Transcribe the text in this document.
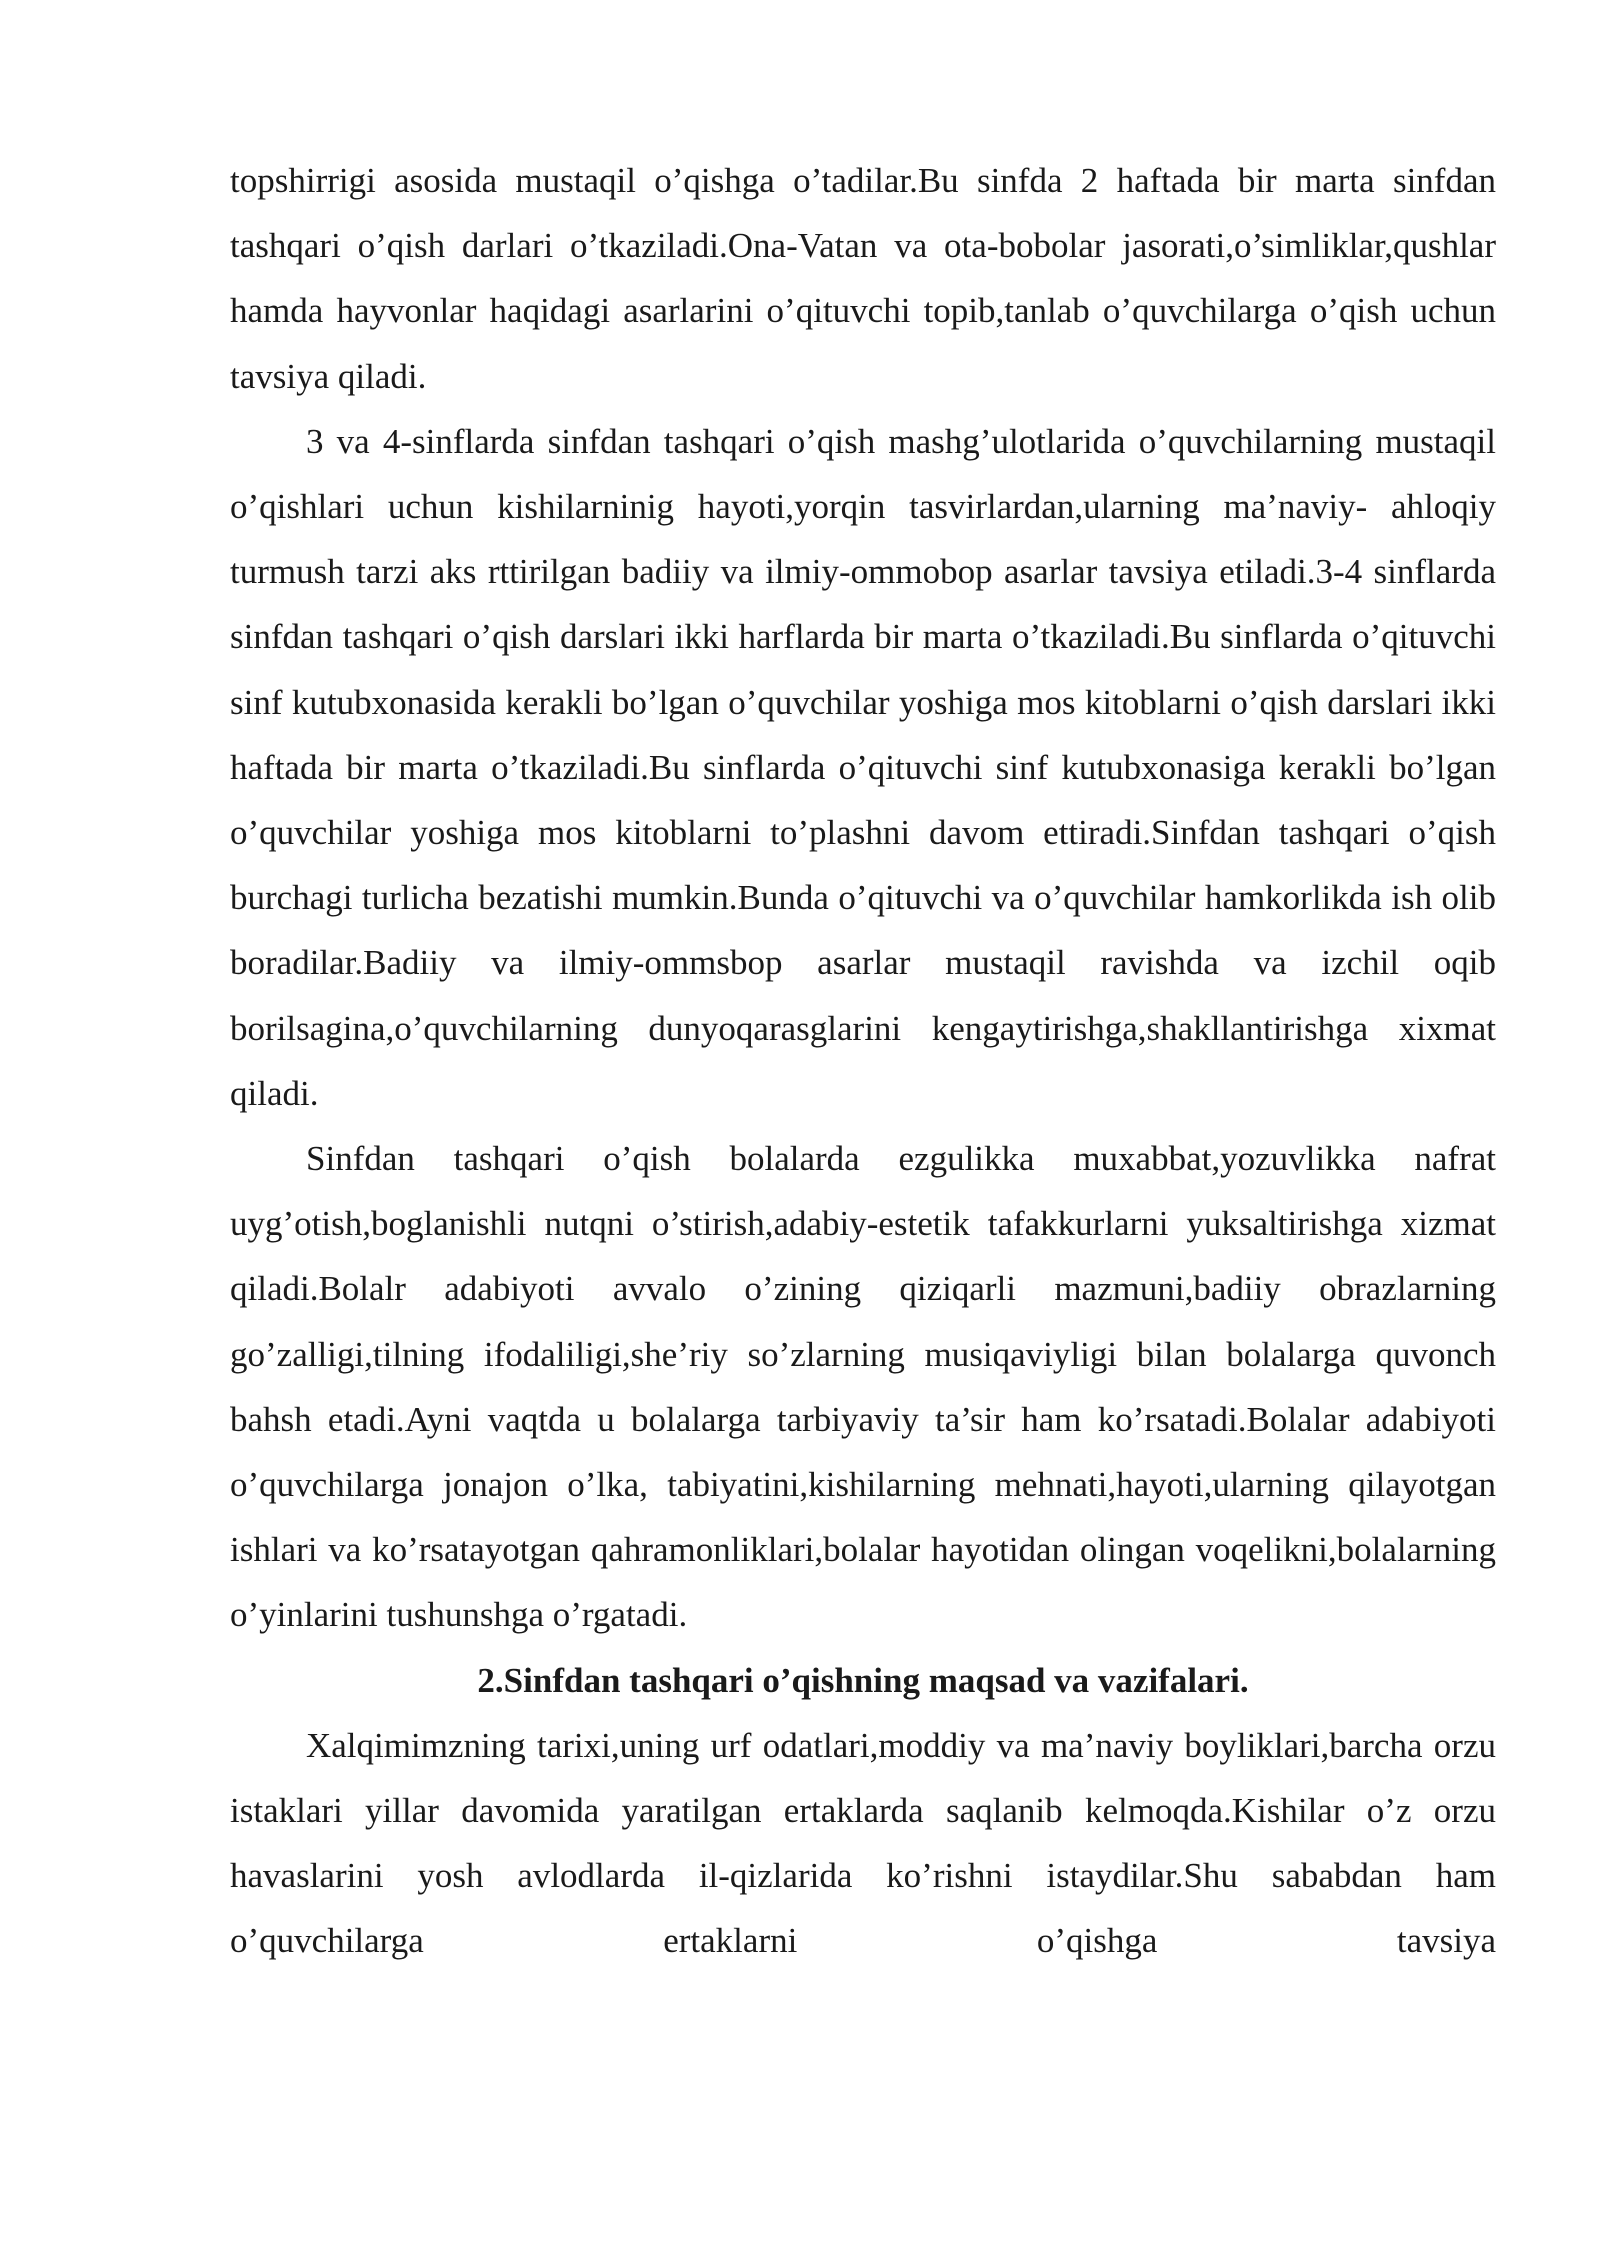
topshirrigi asosida mustaqil o’qishga o’tadilar.Bu sinfda 2 haftada bir marta sinfdan tashqari o’qish darlari o’tkaziladi.Ona-Vatan va ota-bobolar jasorati,o’simliklar,qushlar hamda hayvonlar haqidagi asarlarini o’qituvchi topib,tanlab o’quvchilarga o’qish uchun tavsiya qiladi.

3 va 4-sinflarda sinfdan tashqari o’qish mashg’ulotlarida o’quvchilarning mustaqil o’qishlari uchun kishilarninig hayoti,yorqin tasvirlardan,ularning ma’naviy- ahloqiy turmush tarzi aks rttirilgan badiiy va ilmiy-ommobop asarlar tavsiya etiladi.3-4 sinflarda sinfdan tashqari o’qish darslari ikki harflarda bir marta o’tkaziladi.Bu sinflarda o’qituvchi sinf kutubxonasida kerakli bo’lgan o’quvchilar yoshiga mos kitoblarni o’qish darslari ikki haftada bir marta o’tkaziladi.Bu sinflarda o’qituvchi sinf kutubxonasiga kerakli bo’lgan o’quvchilar yoshiga mos kitoblarni to’plashni davom ettiradi.Sinfdan tashqari o’qish burchagi turlicha bezatishi mumkin.Bunda o’qituvchi va o’quvchilar hamkorlikda ish olib boradilar.Badiiy va ilmiy-ommsbop asarlar mustaqil ravishda va izchil oqib borilsagina,o’quvchilarning dunyoqarasglarini kengaytirishga,shakllantirishga xixmat qiladi.

Sinfdan tashqari o’qish bolalarda ezgulikka muxabbat,yozuvlikka nafrat uyg’otish,boglanishli nutqni o’stirish,adabiy-estetik tafakkurlarni yuksaltirishga xizmat qiladi.Bolalr adabiyoti avvalo o’zining qiziqarli mazmuni,badiiy obrazlarning go’zalligi,tilning ifodaliligi,she’riy so’zlarning musiqaviyligi bilan bolalarga quvonch bahsh etadi.Ayni vaqtda u bolalarga tarbiyaviy ta’sir ham ko’rsatadi.Bolalar adabiyoti o’quvchilarga jonajon o’lka, tabiyatini,kishilarning mehnati,hayoti,ularning qilayotgan ishlari va ko’rsatayotgan qahramonliklari,bolalar hayotidan olingan voqelikni,bolalarning o’yinlarini tushunshga o’rgatadi.

2.Sinfdan tashqari o’qishning maqsad va vazifalari.

Xalqimimzning tarixi,uning urf odatlari,moddiy va ma’naviy boyliklari,barcha orzu istaklari yillar davomida yaratilgan ertaklarda saqlanib kelmoqda.Kishilar o’z orzu havaslarini yosh avlodlarda il-qizlarida ko’rishni istaydilar.Shu sababdan ham o’quvchilarga ertaklarni o’qishga tavsiya
